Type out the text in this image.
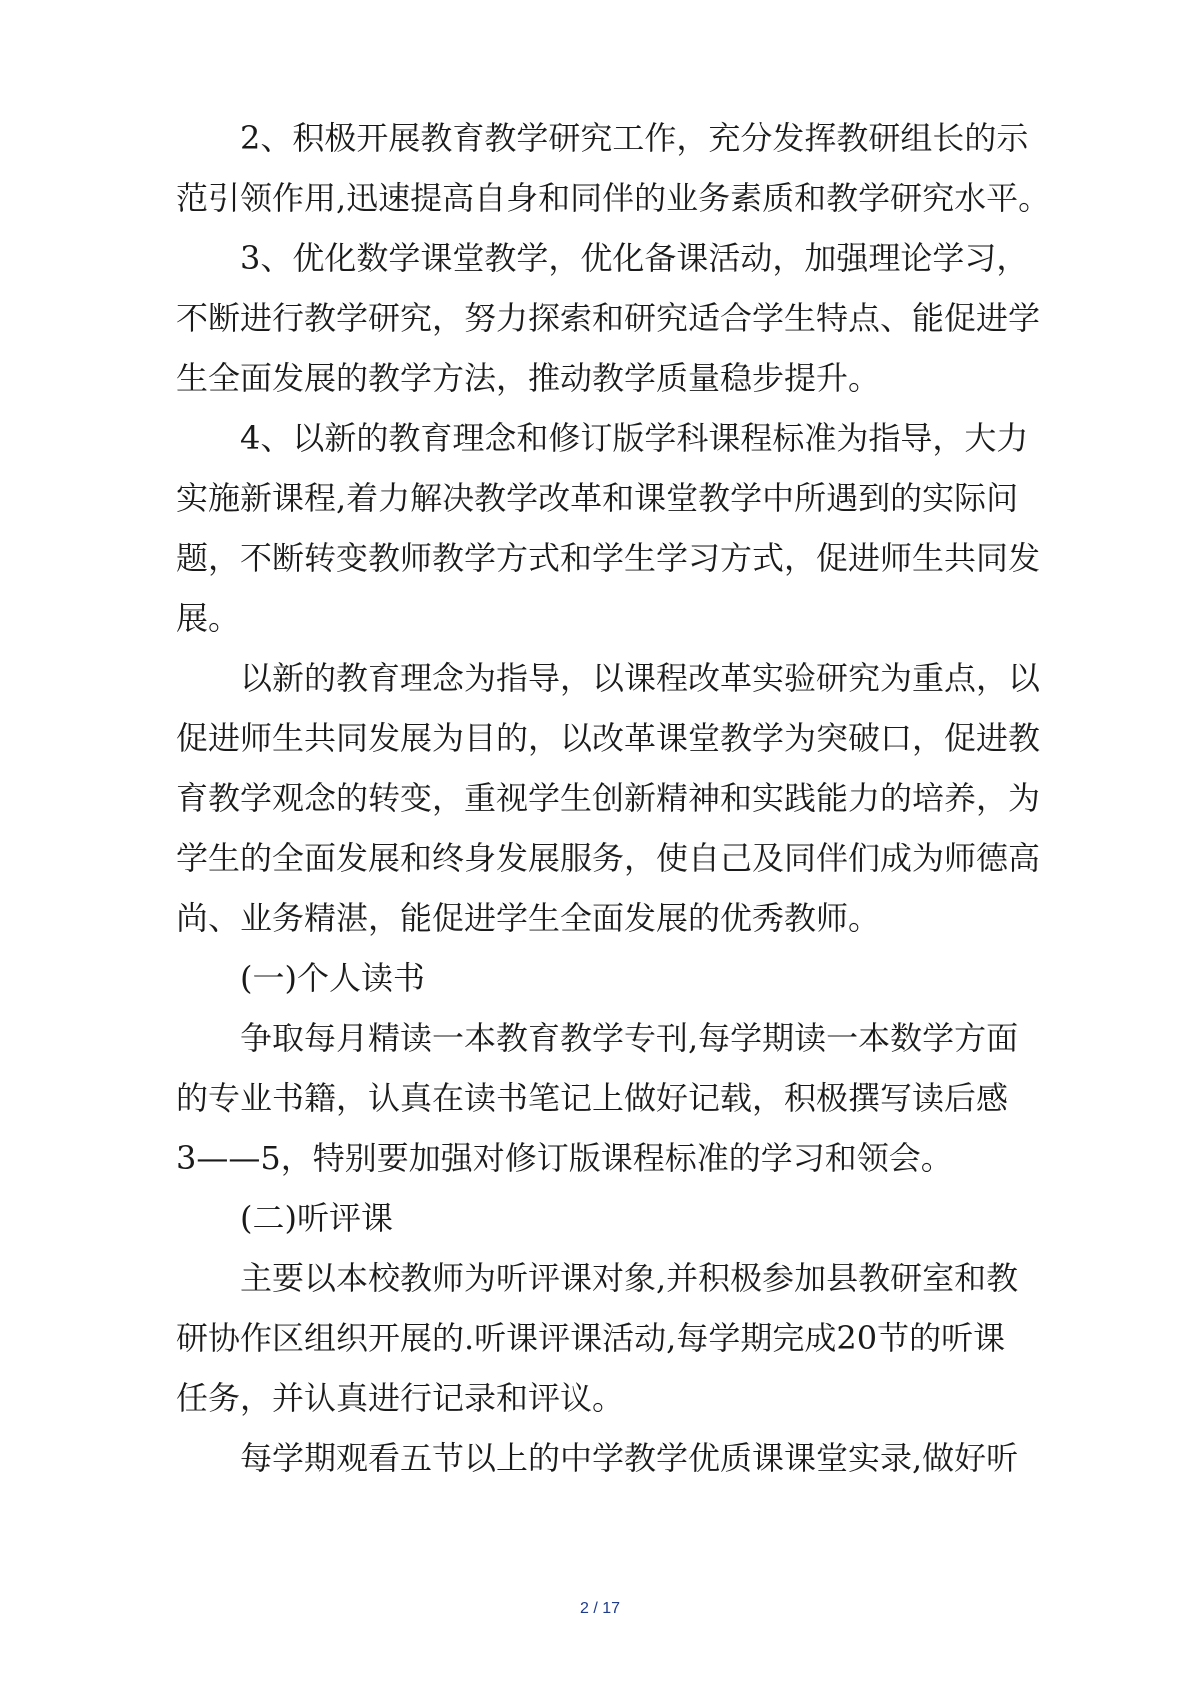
　　2、积极开展教育教学研究工作，充分发挥教研组长的示

范引领作用,迅速提高自身和同伴的业务素质和教学研究水平。

　　3、优化数学课堂教学，优化备课活动，加强理论学习，

不断进行教学研究，努力探索和研究适合学生特点、能促进学

生全面发展的教学方法，推动教学质量稳步提升。

　　4、以新的教育理念和修订版学科课程标准为指导，大力

实施新课程,着力解决教学改革和课堂教学中所遇到的实际问

题，不断转变教师教学方式和学生学习方式，促进师生共同发

展。

　　以新的教育理念为指导，以课程改革实验研究为重点，以

促进师生共同发展为目的，以改革课堂教学为突破口，促进教

育教学观念的转变，重视学生创新精神和实践能力的培养，为

学生的全面发展和终身发展服务，使自己及同伴们成为师德高

尚、业务精湛，能促进学生全面发展的优秀教师。

　　(一)个人读书

　　争取每月精读一本教育教学专刊,每学期读一本数学方面

的专业书籍，认真在读书笔记上做好记载，积极撰写读后感

3——5，特别要加强对修订版课程标准的学习和领会。

　　(二)听评课

　　主要以本校教师为听评课对象,并积极参加县教研室和教

研协作区组织开展的.听课评课活动,每学期完成20节的听课

任务，并认真进行记录和评议。

　　每学期观看五节以上的中学教学优质课课堂实录,做好听

2 / 17
